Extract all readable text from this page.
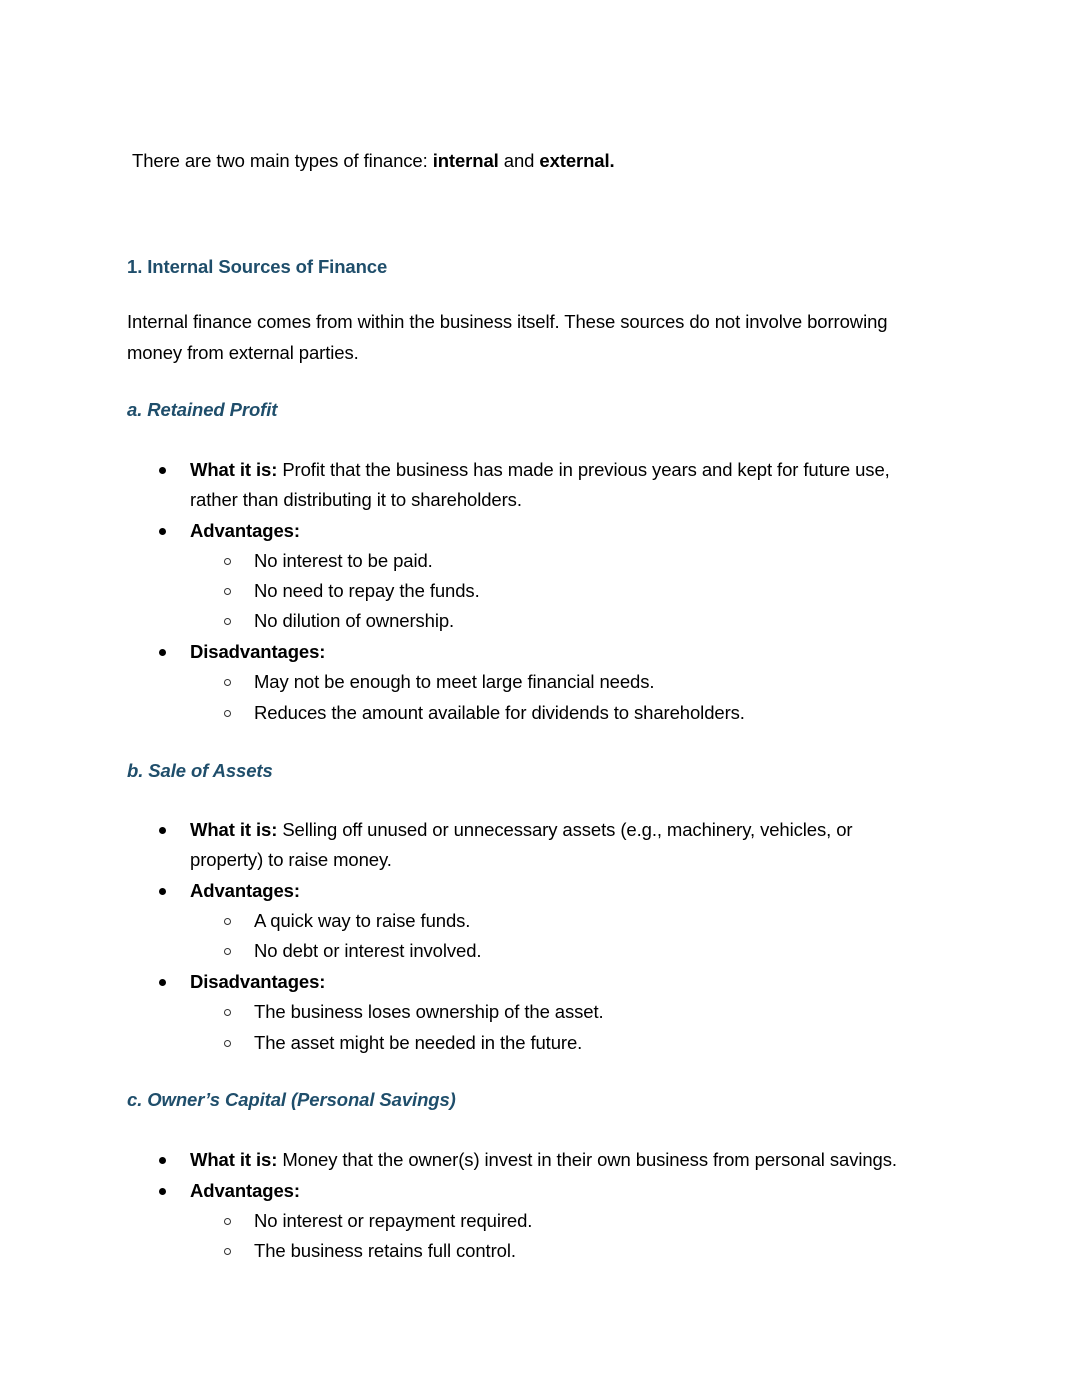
There are two main types of finance: internal and external.
1. Internal Sources of Finance
Internal finance comes from within the business itself. These sources do not involve borrowing
money from external parties.
a. Retained Profit
What it is: Profit that the business has made in previous years and kept for future use,
rather than distributing it to shareholders.
Advantages:
No interest to be paid.
No need to repay the funds.
No dilution of ownership.
Disadvantages:
May not be enough to meet large financial needs.
Reduces the amount available for dividends to shareholders.
b. Sale of Assets
What it is: Selling off unused or unnecessary assets (e.g., machinery, vehicles, or
property) to raise money.
Advantages:
A quick way to raise funds.
No debt or interest involved.
Disadvantages:
The business loses ownership of the asset.
The asset might be needed in the future.
c. Owner’s Capital (Personal Savings)
What it is: Money that the owner(s) invest in their own business from personal savings.
Advantages:
No interest or repayment required.
The business retains full control.
